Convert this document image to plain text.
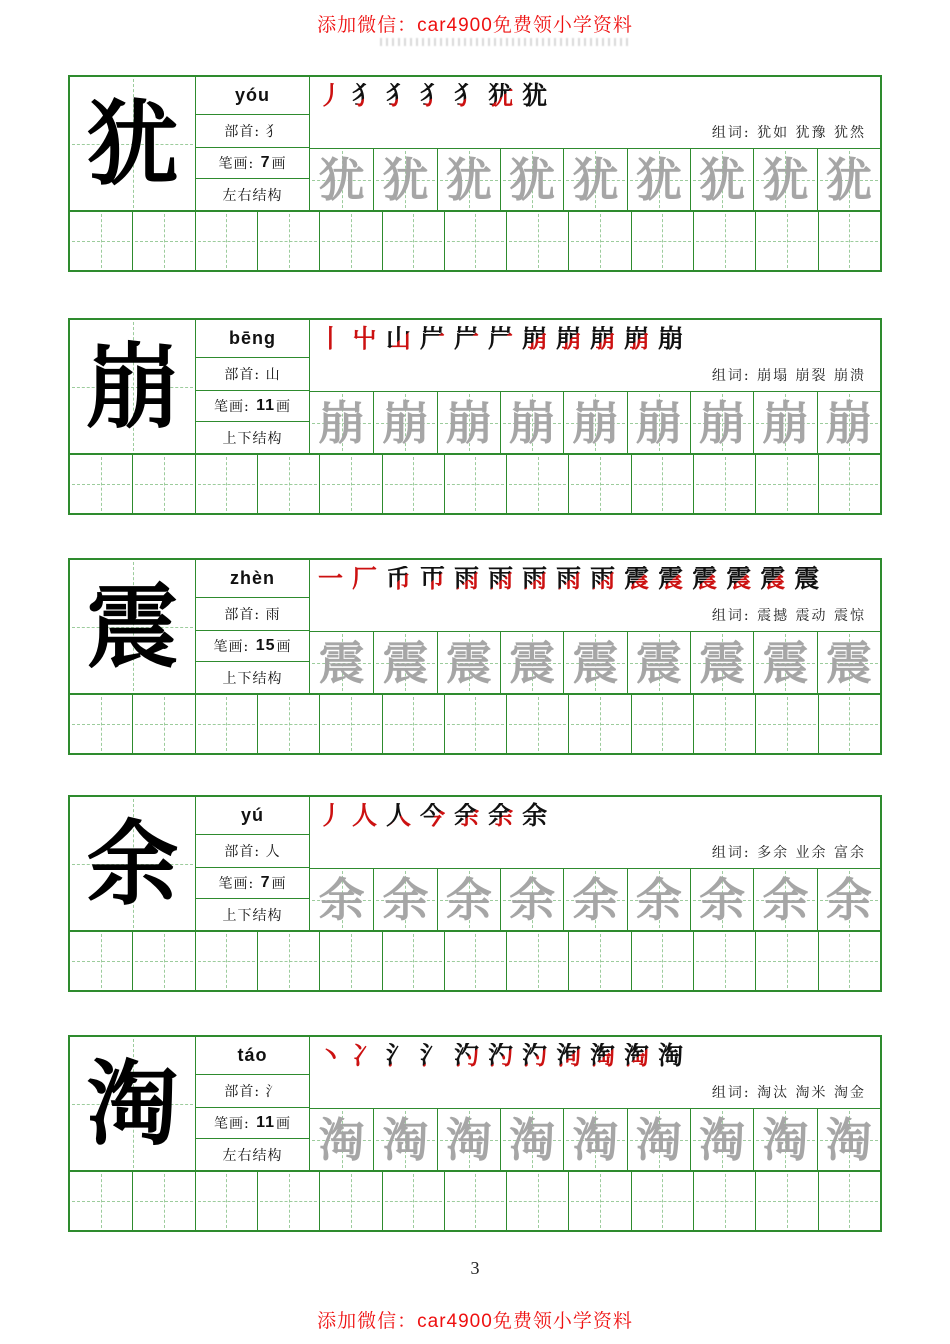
添加微信：car4900免费领小学资料
犹	yóu
部首:
犭
笔画:
7 画
左右结构
丿 犭 犭 犭 犭 犹 犹
组词:
犹如 犹豫 犹然
犹 犹 犹 犹 犹 犹 犹 犹 犹
崩	bēng
部首:
山
笔画:
11 画
上下结构
丨 屮 山 屵 屵 屵 崩 崩 崩 崩 崩
组词:
崩塌 崩裂 崩溃
崩 崩 崩 崩 崩 崩 崩 崩 崩
震	zhèn
部首:
雨
笔画:
15 画
上下结构
一 厂 币 帀 雨 雨 雨 雨 雨 震 震 震 震 震 震
组词:
震撼 震动 震惊
震 震 震 震 震 震 震 震 震
余	yú
部首:
人
笔画:
7 画
上下结构
丿 人 人 今 余 余 余
组词:
多余 业余 富余
余 余 余 余 余 余 余 余 余
淘	táo
部首:
氵
笔画:
11 画
左右结构
丶 冫 氵 氵 汋 汋 汋 洵 淘 淘 淘
组词:
淘汰 淘米 淘金
淘 淘 淘 淘 淘 淘 淘 淘 淘
3
添加微信：car4900免费领小学资料
